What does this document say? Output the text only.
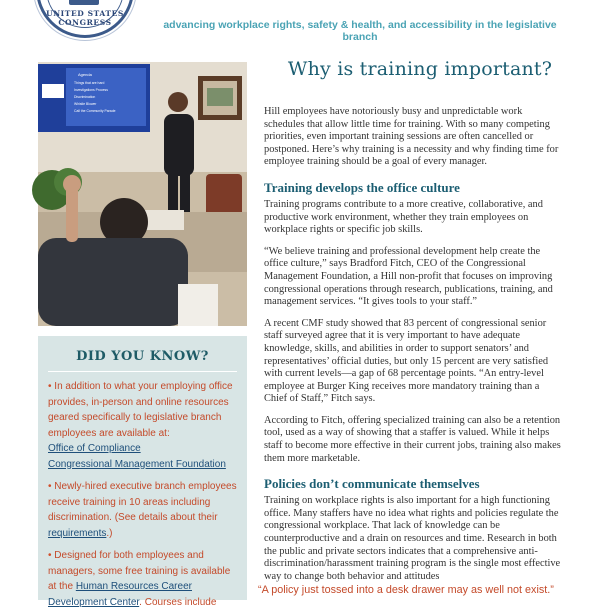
UNITED STATES CONGRESS	advancing workplace rights, safety & health, and accessibility in the legislative branch
Agenda
Things that are hard
Investigations Process
Discrimination
Whistle Blower
Call the Community Parade
DID YOU KNOW?
• In addition to what your employing office provides, in-person and online resources geared specifically to legislative branch employees are available at:
Office of Compliance
Congressional Management Foundation
• Newly-hired executive branch employees receive training in 10 areas including discrimination. (See details about their requirements.)
• Designed for both employees and managers, some free training is available at the Human Resources Career Development Center. Courses include
Why is training important?

Hill employees have notoriously busy and unpredictable work schedules that allow little time for training. With so many competing priorities, even important training sessions are often cancelled or postponed. Here’s why training is a necessity and why finding time for employee training should be a goal of every manager.

Training develops the office culture

Training programs contribute to a more creative, collaborative, and productive work environment, whether they train employees on workplace rights or specific job skills.

“We believe training and professional development help create the office culture,” says Bradford Fitch, CEO of the Congressional Management Foundation, a Hill non-profit that focuses on improving congressional operations through research, publications, training, and management services. “It gives tools to your staff.”

A recent CMF study showed that 83 percent of congressional senior staff surveyed agree that it is very important to have adequate knowledge, skills, and abilities in order to support senators’ and representatives’ official duties, but only 15 percent are very satisfied with current levels—a gap of 68 percentage points. “An entry-level employee at Burger King receives more mandatory training than a Chief of Staff,” Fitch says.

According to Fitch, offering specialized training can also be a retention tool, used as a way of showing that a staffer is valued. While it helps staff to become more effective in their current jobs, training also makes them more marketable.

Policies don’t communicate themselves

Training on workplace rights is also important for a high functioning office. Many staffers have no idea what rights and policies regulate the congressional workplace. That lack of knowledge can be counterproductive and a drain on resources and time. Research in both the public and private sectors indicates that a comprehensive anti-discrimination/harassment training program is the single most effective way to change both behavior and attitudes

“A policy just tossed into a desk drawer may as well not exist.”
